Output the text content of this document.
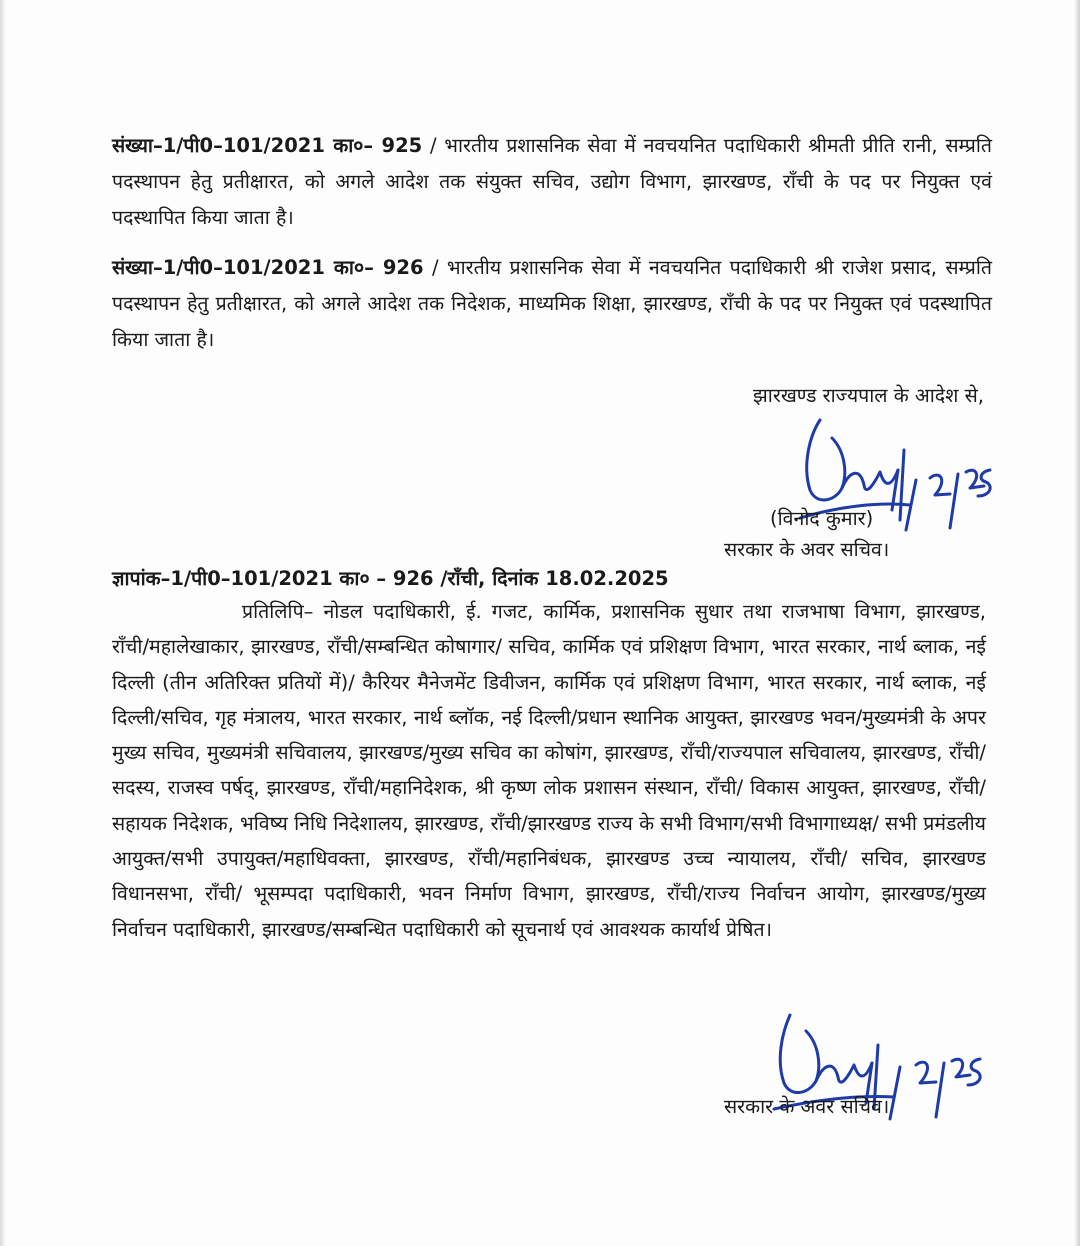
संख्या–1/पी0–101/2021 का०– 925 / भारतीय प्रशासनिक सेवा में नवचयनित पदाधिकारी श्रीमती प्रीति रानी, सम्प्रति पदस्थापन हेतु प्रतीक्षारत, को अगले आदेश तक संयुक्त सचिव, उद्योग विभाग, झारखण्ड, राँची के पद पर नियुक्त एवं पदस्थापित किया जाता है।

संख्या–1/पी0–101/2021 का०– 926 / भारतीय प्रशासनिक सेवा में नवचयनित पदाधिकारी श्री राजेश प्रसाद, सम्प्रति पदस्थापन हेतु प्रतीक्षारत, को अगले आदेश तक निदेशक, माध्यमिक शिक्षा, झारखण्ड, राँची के पद पर नियुक्त एवं पदस्थापित किया जाता है।

झारखण्ड राज्यपाल के आदेश से,
(विनोद कुमार)
सरकार के अवर सचिव।
ज्ञापांक–1/पी0–101/2021 का० – 926 /राँची, दिनांक 18.02.2025

प्रतिलिपि– नोडल पदाधिकारी, ई. गजट, कार्मिक, प्रशासनिक सुधार तथा राजभाषा विभाग, झारखण्ड, राँची/महालेखाकार, झारखण्ड, राँची/सम्बन्धित कोषागार/ सचिव, कार्मिक एवं प्रशिक्षण विभाग, भारत सरकार, नार्थ ब्लाक, नई दिल्ली (तीन अतिरिक्त प्रतियों में)/ कैरियर मैनेजमेंट डिवीजन, कार्मिक एवं प्रशिक्षण विभाग, भारत सरकार, नार्थ ब्लाक, नई दिल्ली/सचिव, गृह मंत्रालय, भारत सरकार, नार्थ ब्लॉक, नई दिल्ली/प्रधान स्थानिक आयुक्त, झारखण्ड भवन/मुख्यमंत्री के अपर मुख्य सचिव, मुख्यमंत्री सचिवालय, झारखण्ड/मुख्य सचिव का कोषांग, झारखण्ड, राँची/राज्यपाल सचिवालय, झारखण्ड, राँची/सदस्य, राजस्व पर्षद्, झारखण्ड, राँची/महानिदेशक, श्री कृष्ण लोक प्रशासन संस्थान, राँची/ विकास आयुक्त, झारखण्ड, राँची/सहायक निदेशक, भविष्य निधि निदेशालय, झारखण्ड, राँची/झारखण्ड राज्य के सभी विभाग/सभी विभागाध्यक्ष/ सभी प्रमंडलीय आयुक्त/सभी उपायुक्त/महाधिवक्ता, झारखण्ड, राँची/महानिबंधक, झारखण्ड उच्च न्यायालय, राँची/ सचिव, झारखण्ड विधानसभा, राँची/ भूसम्पदा पदाधिकारी, भवन निर्माण विभाग, झारखण्ड, राँची/राज्य निर्वाचन आयोग, झारखण्ड/मुख्य निर्वाचन पदाधिकारी, झारखण्ड/सम्बन्धित पदाधिकारी को सूचनार्थ एवं आवश्यक कार्यार्थ प्रेषित।

सरकार के अवर सचिव।
